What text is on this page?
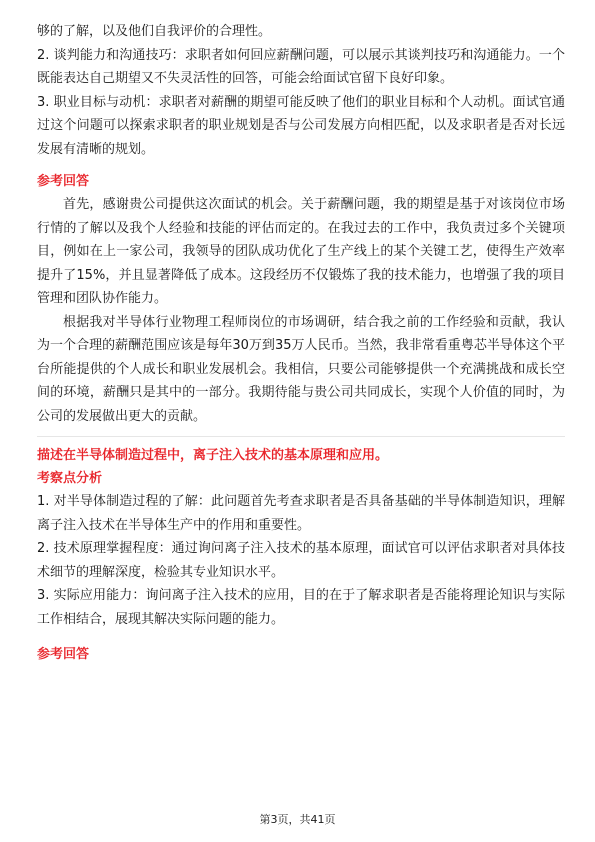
够的了解，以及他们自我评价的合理性。

2. 谈判能力和沟通技巧：求职者如何回应薪酬问题，可以展示其谈判技巧和沟通能力。一个既能表达自己期望又不失灵活性的回答，可能会给面试官留下良好印象。

3. 职业目标与动机：求职者对薪酬的期望可能反映了他们的职业目标和个人动机。面试官通过这个问题可以探索求职者的职业规划是否与公司发展方向相匹配，以及求职者是否对长远发展有清晰的规划。

参考回答

首先，感谢贵公司提供这次面试的机会。关于薪酬问题，我的期望是基于对该岗位市场行情的了解以及我个人经验和技能的评估而定的。在我过去的工作中，我负责过多个关键项目，例如在上一家公司，我领导的团队成功优化了生产线上的某个关键工艺，使得生产效率提升了15%，并且显著降低了成本。这段经历不仅锻炼了我的技术能力，也增强了我的项目管理和团队协作能力。

根据我对半导体行业物理工程师岗位的市场调研，结合我之前的工作经验和贡献，我认为一个合理的薪酬范围应该是每年30万到35万人民币。当然，我非常看重粤芯半导体这个平台所能提供的个人成长和职业发展机会。我相信，只要公司能够提供一个充满挑战和成长空间的环境，薪酬只是其中的一部分。我期待能与贵公司共同成长，实现个人价值的同时，为公司的发展做出更大的贡献。

描述在半导体制造过程中，离子注入技术的基本原理和应用。
考察点分析

1. 对半导体制造过程的了解：此问题首先考查求职者是否具备基础的半导体制造知识，理解离子注入技术在半导体生产中的作用和重要性。

2. 技术原理掌握程度：通过询问离子注入技术的基本原理，面试官可以评估求职者对具体技术细节的理解深度，检验其专业知识水平。

3. 实际应用能力：询问离子注入技术的应用，目的在于了解求职者是否能将理论知识与实际工作相结合，展现其解决实际问题的能力。

参考回答
第3页，共41页
